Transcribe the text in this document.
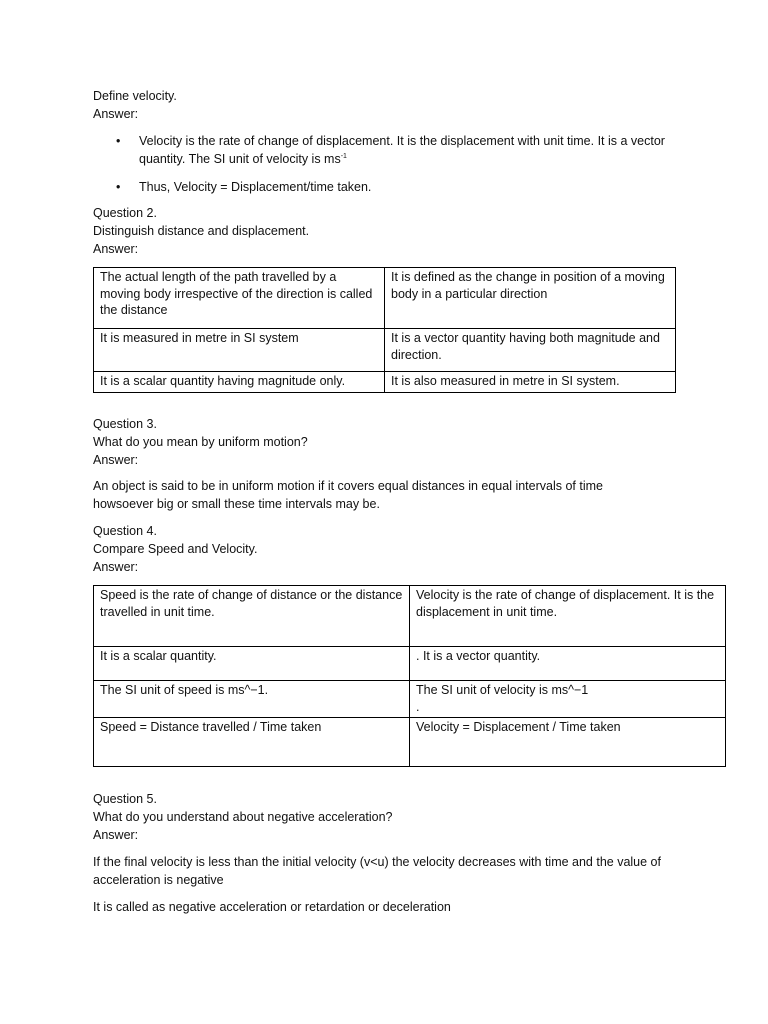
Define velocity.
Answer:
• Velocity is the rate of change of displacement. It is the displacement with unit time. It is a vector quantity. The SI unit of velocity is $ms^{-1}$
• Thus, Velocity = Displacement/time taken.
Question 2.
Distinguish distance and displacement.
Answer:
The actual length of the path travelled by a moving body irrespective of the direction is called the distance	It is defined as the change in position of a moving body in a particular direction
It is measured in metre in SI system	It is a vector quantity having both magnitude and direction.
It is a scalar quantity having magnitude only.	It is also measured in metre in SI system.
Question 3.
What do you mean by uniform motion?
Answer:
An object is said to be in uniform motion if it covers equal distances in equal intervals of time howsoever big or small these time intervals may be.
Question 4.
Compare Speed and Velocity.
Answer:
Speed is the rate of change of distance or the distance travelled in unit time.	Velocity is the rate of change of displacement. It is the displacement in unit time.
It is a scalar quantity.	. It is a vector quantity.
The SI unit of speed is ms^−1.	The SI unit of velocity is ms^−1
.
Speed = Distance travelled / Time taken	Velocity = Displacement / Time taken
Question 5.
What do you understand about negative acceleration?
Answer:
If the final velocity is less than the initial velocity (v<u) the velocity decreases with time and the value of acceleration is negative
It is called as negative acceleration or retardation or deceleration
